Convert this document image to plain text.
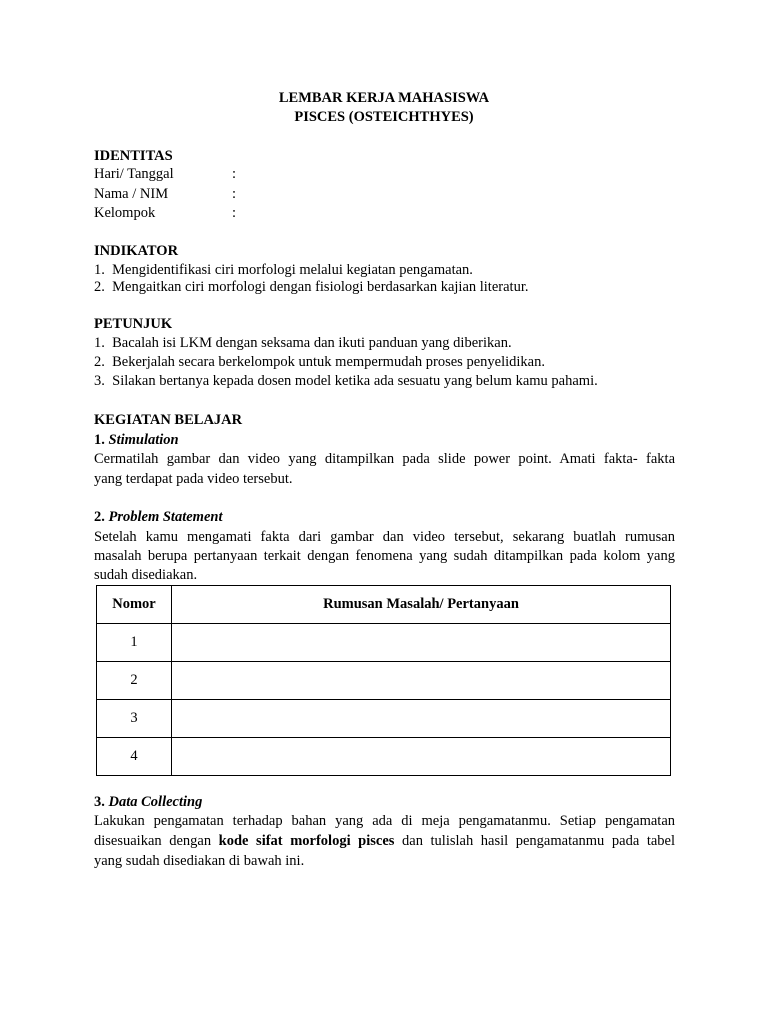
LEMBAR KERJA MAHASISWA
PISCES (OSTEICHTHYES)
IDENTITAS
Hari/ Tanggal	:
Nama / NIM	:
Kelompok	:
INDIKATOR
1.  Mengidentifikasi ciri morfologi melalui kegiatan pengamatan.
2.  Mengaitkan ciri morfologi dengan fisiologi berdasarkan kajian literatur.
PETUNJUK
1.  Bacalah isi LKM dengan seksama dan ikuti panduan yang diberikan.
2.  Bekerjalah secara berkelompok untuk mempermudah proses penyelidikan.
3.  Silakan bertanya kepada dosen model ketika ada sesuatu yang belum kamu pahami.
KEGIATAN BELAJAR
1. Stimulation
Cermatilah gambar dan video yang ditampilkan pada slide power point. Amati fakta- fakta
yang terdapat pada video tersebut.
2. Problem Statement
Setelah kamu mengamati fakta dari gambar dan video tersebut, sekarang buatlah rumusan
masalah berupa pertanyaan terkait dengan fenomena yang sudah ditampilkan pada kolom yang
sudah disediakan.
Nomor	Rumusan Masalah/ Pertanyaan
1	
2	
3	
4	
3. Data Collecting
Lakukan pengamatan terhadap bahan yang ada di meja pengamatanmu. Setiap pengamatan
disesuaikan dengan kode sifat morfologi pisces dan tulislah hasil pengamatanmu pada tabel
yang sudah disediakan di bawah ini.
